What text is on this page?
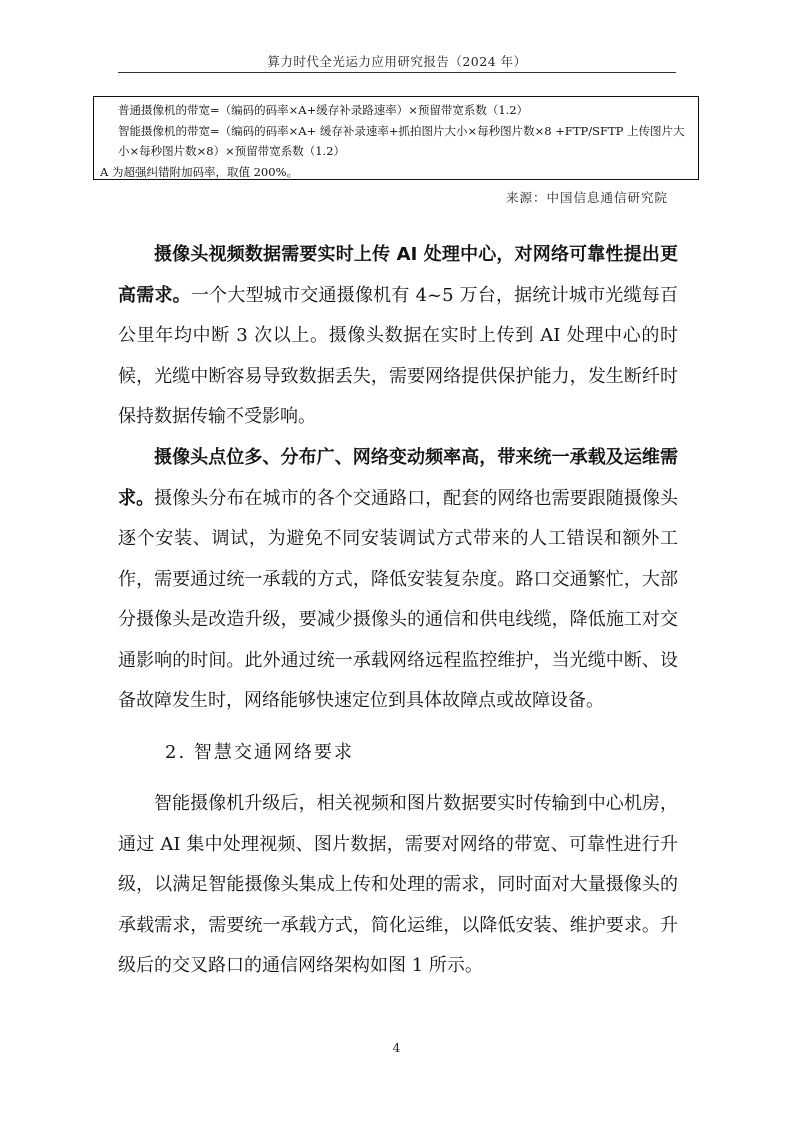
算力时代全光运力应用研究报告（2024 年）
普通摄像机的带宽=（编码的码率×A+缓存补录路速率）×预留带宽系数（1.2）
智能摄像机的带宽=（编码的码率×A+ 缓存补录速率+抓拍图片大小×每秒图片数×8 +FTP/SFTP 上传图片大小×每秒图片数×8）×预留带宽系数（1.2）
A 为超强纠错附加码率，取值 200%。
来源：中国信息通信研究院

摄像头视频数据需要实时上传 AI 处理中心，对网络可靠性提出更高需求。一个大型城市交通摄像机有 4~5 万台，据统计城市光缆每百公里年均中断 3 次以上。摄像头数据在实时上传到 AI 处理中心的时候，光缆中断容易导致数据丢失，需要网络提供保护能力，发生断纤时保持数据传输不受影响。

摄像头点位多、分布广、网络变动频率高，带来统一承载及运维需求。摄像头分布在城市的各个交通路口，配套的网络也需要跟随摄像头逐个安装、调试，为避免不同安装调试方式带来的人工错误和额外工作，需要通过统一承载的方式，降低安装复杂度。路口交通繁忙，大部分摄像头是改造升级，要减少摄像头的通信和供电线缆，降低施工对交通影响的时间。此外通过统一承载网络远程监控维护，当光缆中断、设备故障发生时，网络能够快速定位到具体故障点或故障设备。

2. 智慧交通网络要求

智能摄像机升级后，相关视频和图片数据要实时传输到中心机房，通过 AI 集中处理视频、图片数据，需要对网络的带宽、可靠性进行升级，以满足智能摄像头集成上传和处理的需求，同时面对大量摄像头的承载需求，需要统一承载方式，简化运维，以降低安装、维护要求。升级后的交叉路口的通信网络架构如图 1 所示。

4
